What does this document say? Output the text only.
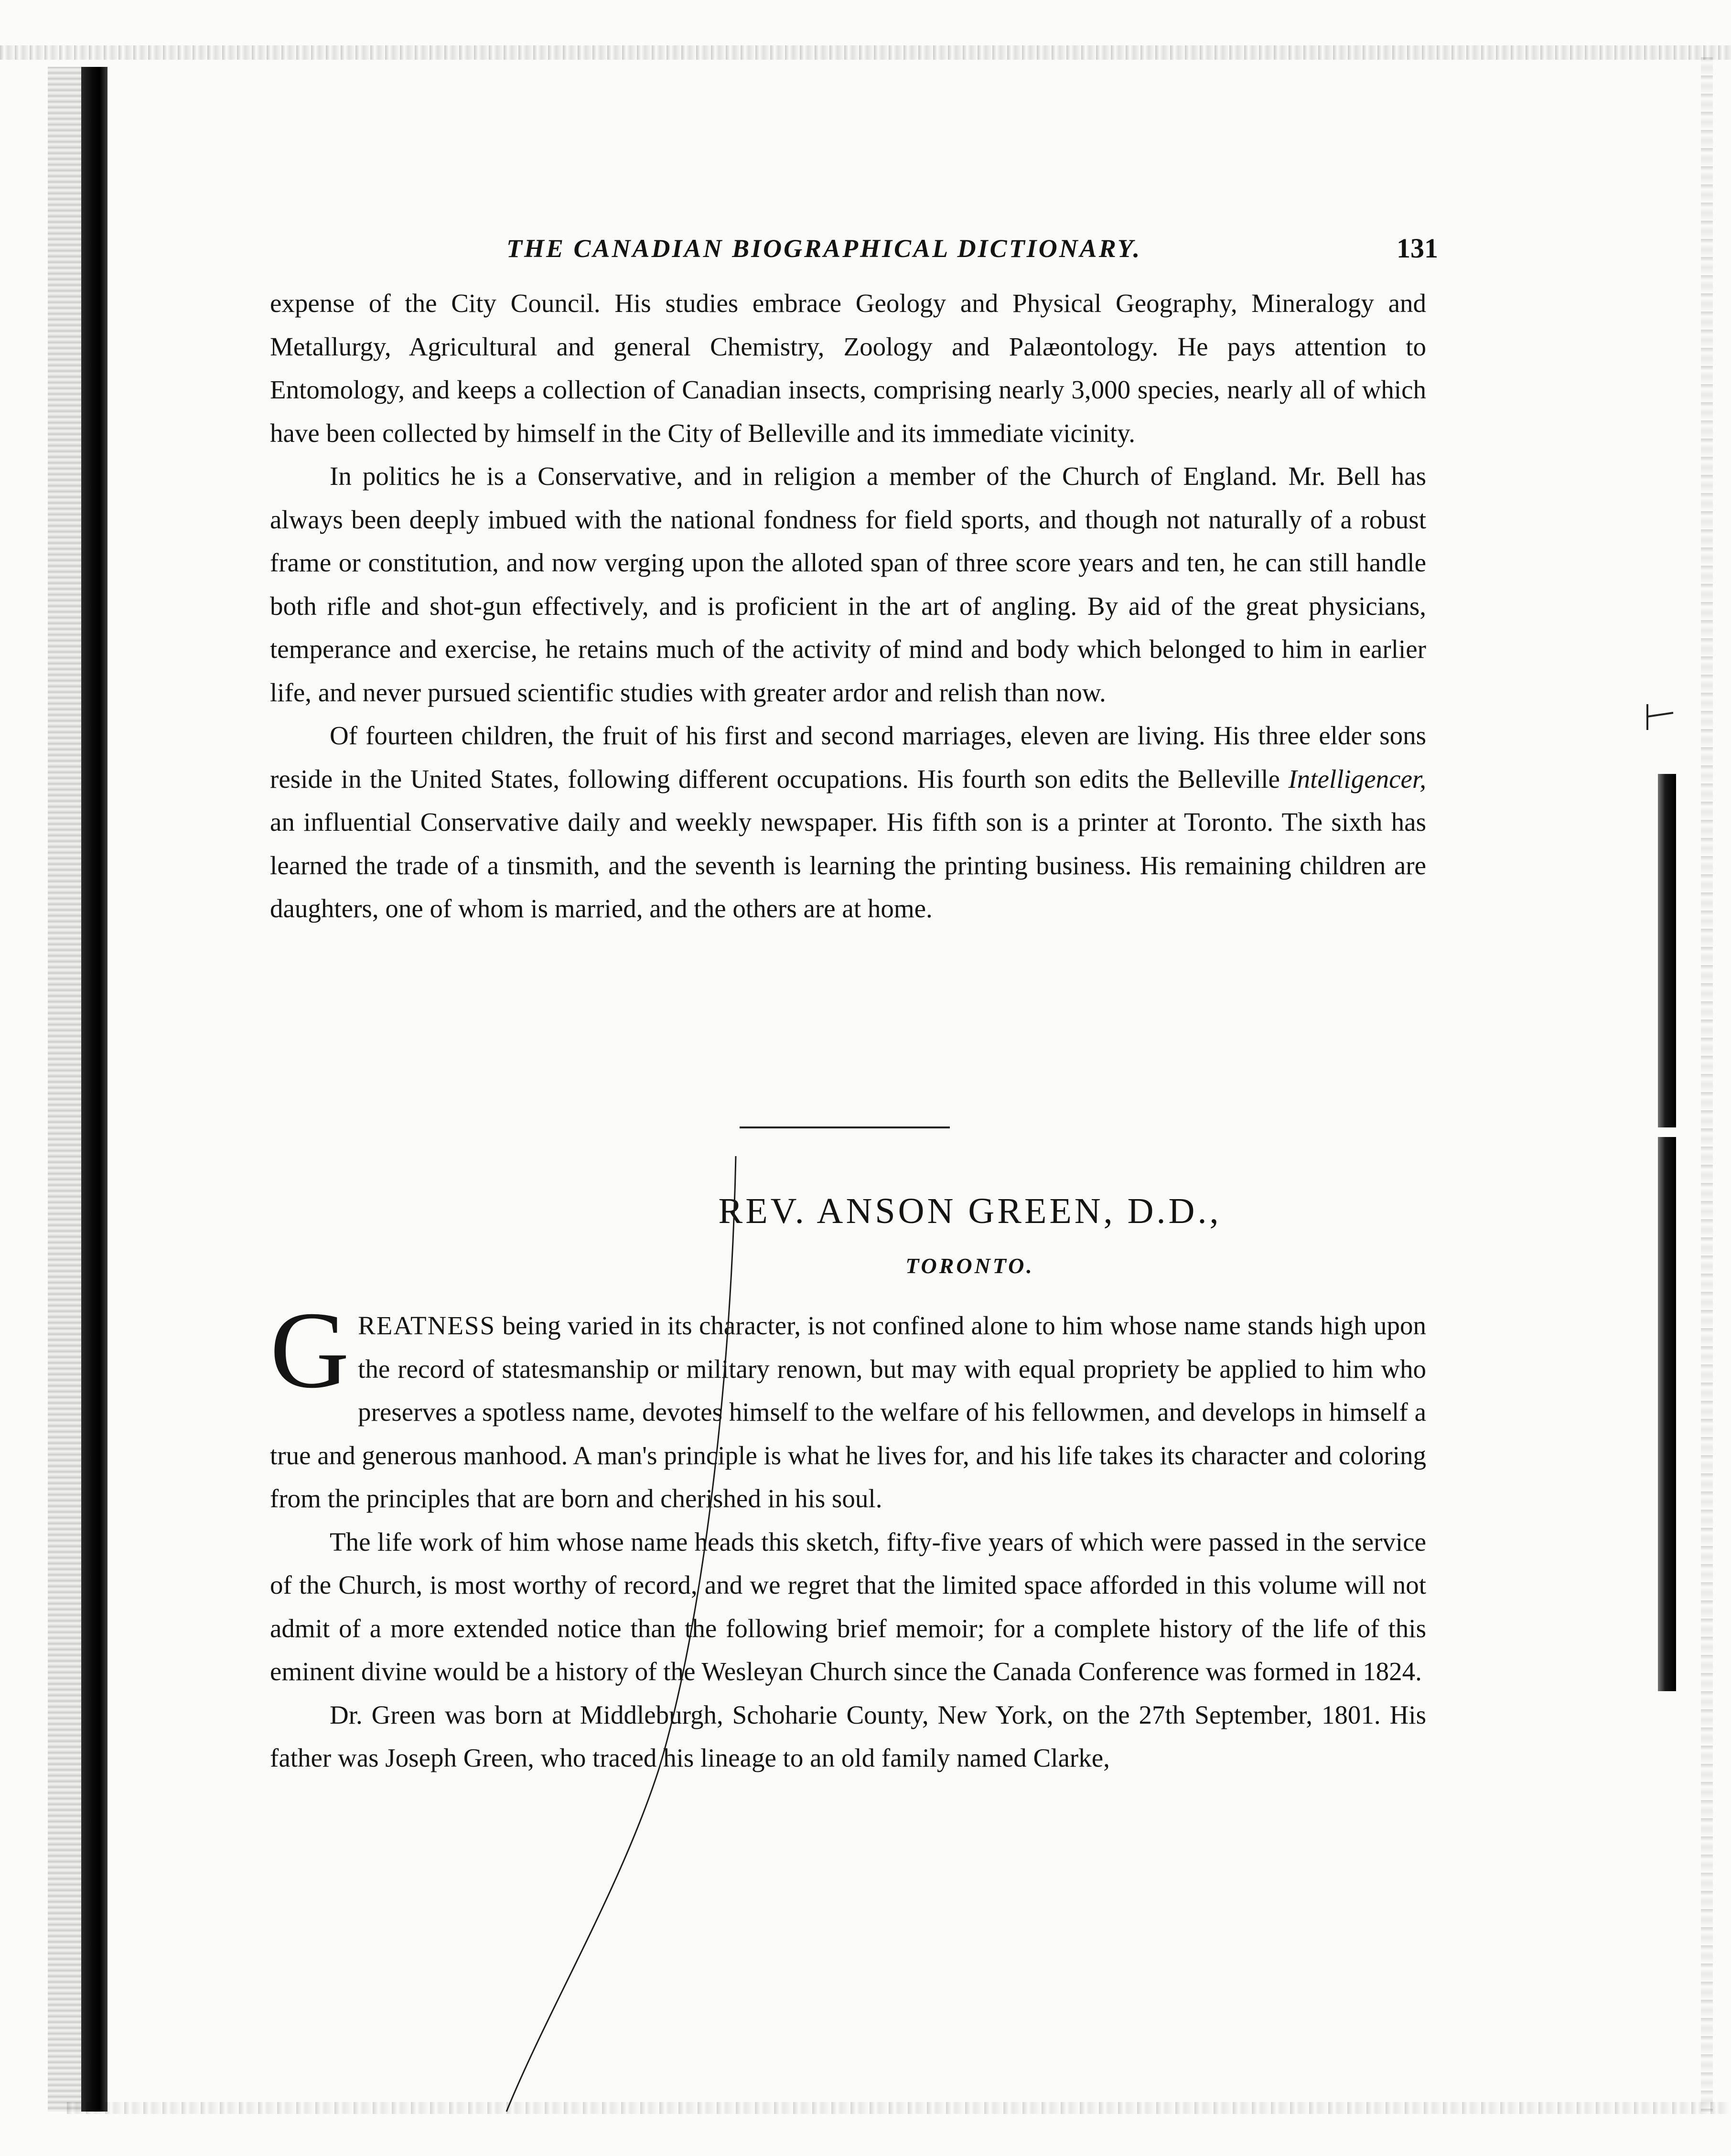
THE CANADIAN BIOGRAPHICAL DICTIONARY.	131

expense of the City Council. His studies embrace Geology and Physical Geography, Mineralogy and Metallurgy, Agricultural and general Chemistry, Zoology and Palæontology. He pays attention to Entomology, and keeps a collection of Canadian insects, comprising nearly 3,000 species, nearly all of which have been collected by himself in the City of Belleville and its immediate vicinity.

In politics he is a Conservative, and in religion a member of the Church of England. Mr. Bell has always been deeply imbued with the national fondness for field sports, and though not naturally of a robust frame or constitution, and now verging upon the alloted span of three score years and ten, he can still handle both rifle and shot-gun effectively, and is proficient in the art of angling. By aid of the great physicians, temperance and exercise, he retains much of the activity of mind and body which belonged to him in earlier life, and never pursued scientific studies with greater ardor and relish than now.

Of fourteen children, the fruit of his first and second marriages, eleven are living. His three elder sons reside in the United States, following different occupations. His fourth son edits the Belleville Intelligencer, an influential Conservative daily and weekly newspaper. His fifth son is a printer at Toronto. The sixth has learned the trade of a tinsmith, and the seventh is learning the printing business. His remaining children are daughters, one of whom is married, and the others are at home.

REV. ANSON GREEN, D.D.,
TORONTO.

GREATNESS being varied in its character, is not confined alone to him whose name stands high upon the record of statesmanship or military renown, but may with equal propriety be applied to him who preserves a spotless name, devotes himself to the welfare of his fellowmen, and develops in himself a true and generous manhood. A man's principle is what he lives for, and his life takes its character and coloring from the principles that are born and cherished in his soul.

The life work of him whose name heads this sketch, fifty-five years of which were passed in the service of the Church, is most worthy of record, and we regret that the limited space afforded in this volume will not admit of a more extended notice than the following brief memoir; for a complete history of the life of this eminent divine would be a history of the Wesleyan Church since the Canada Conference was formed in 1824.

Dr. Green was born at Middleburgh, Schoharie County, New York, on the 27th September, 1801. His father was Joseph Green, who traced his lineage to an old family named Clarke,
